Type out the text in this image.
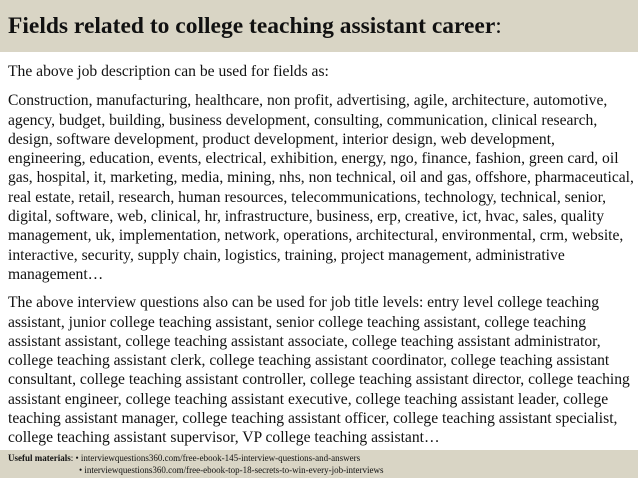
Fields related to college teaching assistant career:

The above job description can be used for fields as:

Construction, manufacturing, healthcare, non profit, advertising, agile, architecture, automotive, agency, budget, building, business development, consulting, communication, clinical research, design, software development, product development, interior design, web development, engineering, education, events, electrical, exhibition, energy, ngo, finance, fashion, green card, oil gas, hospital, it, marketing, media, mining, nhs, non technical, oil and gas, offshore, pharmaceutical, real estate, retail, research, human resources, telecommunications, technology, technical, senior, digital, software, web, clinical, hr, infrastructure, business, erp, creative, ict, hvac, sales, quality management, uk, implementation, network, operations, architectural, environmental, crm, website, interactive, security, supply chain, logistics, training, project management, administrative management…

The above interview questions also can be used for job title levels: entry level college teaching assistant, junior college teaching assistant, senior college teaching assistant, college teaching assistant assistant, college teaching assistant associate, college teaching assistant administrator, college teaching assistant clerk, college teaching assistant coordinator, college teaching assistant consultant, college teaching assistant controller, college teaching assistant director, college teaching assistant engineer, college teaching assistant executive, college teaching assistant leader, college teaching assistant manager, college teaching assistant officer, college teaching assistant specialist, college teaching assistant supervisor, VP college teaching assistant…

Useful materials: • interviewquestions360.com/free-ebook-145-interview-questions-and-answers
• interviewquestions360.com/free-ebook-top-18-secrets-to-win-every-job-interviews
